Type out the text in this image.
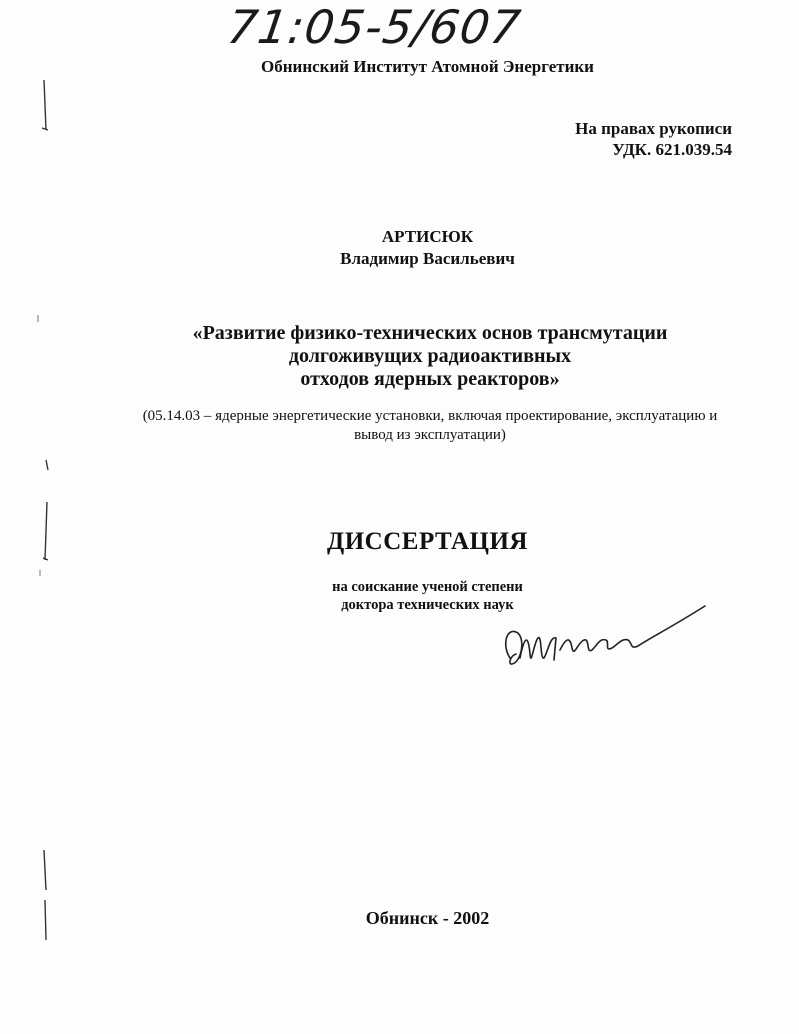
71:05-5/607
Обнинский Институт Атомной Энергетики
На правах рукописи
УДК. 621.039.54
АРТИСЮК
Владимир Васильевич
«Развитие физико-технических основ трансмутации
долгоживущих радиоактивных
отходов ядерных реакторов»
(05.14.03 – ядерные энергетические установки, включая проектирование, эксплуатацию и
вывод из эксплуатации)
ДИССЕРТАЦИЯ
на соискание ученой степени
доктора технических наук
Обнинск - 2002
